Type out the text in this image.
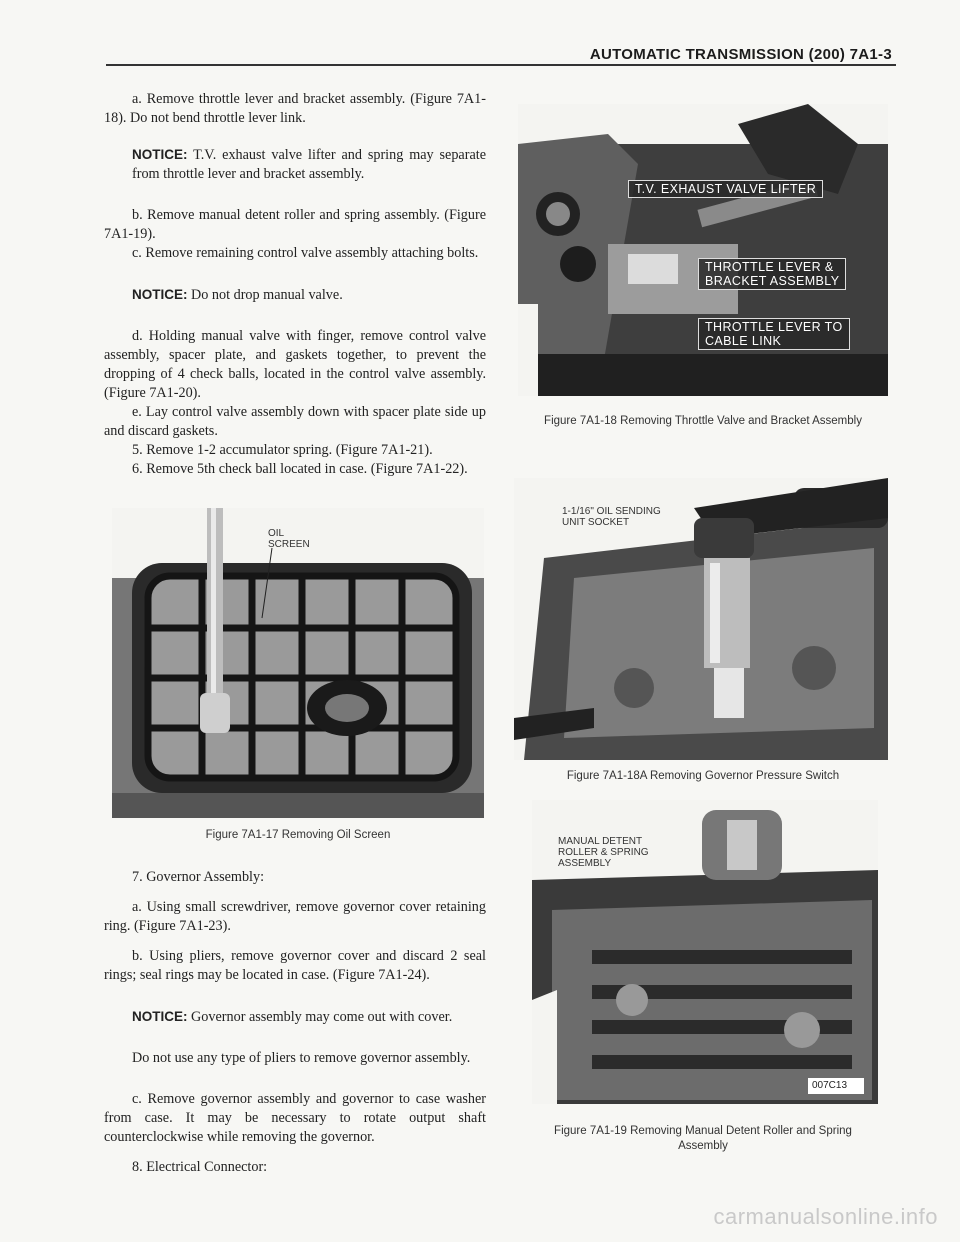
AUTOMATIC TRANSMISSION (200) 7A1-3

a. Remove throttle lever and bracket assembly. (Figure 7A1-18). Do not bend throttle lever link.

NOTICE: T.V. exhaust valve lifter and spring may separate from throttle lever and bracket assembly.

b. Remove manual detent roller and spring assembly. (Figure 7A1-19).

c. Remove remaining control valve assembly attaching bolts.

NOTICE: Do not drop manual valve.

d. Holding manual valve with finger, remove control valve assembly, spacer plate, and gaskets together, to prevent the dropping of 4 check balls, located in the control valve assembly. (Figure 7A1-20).

e. Lay control valve assembly down with spacer plate side up and discard gaskets.

5. Remove 1-2 accumulator spring. (Figure 7A1-21).

6. Remove 5th check ball located in case. (Figure 7A1-22).

OIL
SCREEN
Figure 7A1-17 Removing Oil Screen

7. Governor Assembly:

a. Using small screwdriver, remove governor cover retaining ring. (Figure 7A1-23).

b. Using pliers, remove governor cover and discard 2 seal rings; seal rings may be located in case. (Figure 7A1-24).

NOTICE: Governor assembly may come out with cover.

Do not use any type of pliers to remove governor assembly.

c. Remove governor assembly and governor to case washer from case. It may be necessary to rotate output shaft counterclockwise while removing the governor.

8. Electrical Connector:

T.V. EXHAUST VALVE LIFTER
THROTTLE LEVER &
BRACKET ASSEMBLY
THROTTLE LEVER TO
CABLE LINK
Figure 7A1-18 Removing Throttle Valve and Bracket Assembly
1-1/16" OIL SENDING
UNIT SOCKET
Figure 7A1-18A Removing Governor Pressure Switch
007C13
MANUAL DETENT
ROLLER & SPRING
ASSEMBLY
Figure 7A1-19 Removing Manual Detent Roller and Spring
Assembly
carmanualsonline.info
